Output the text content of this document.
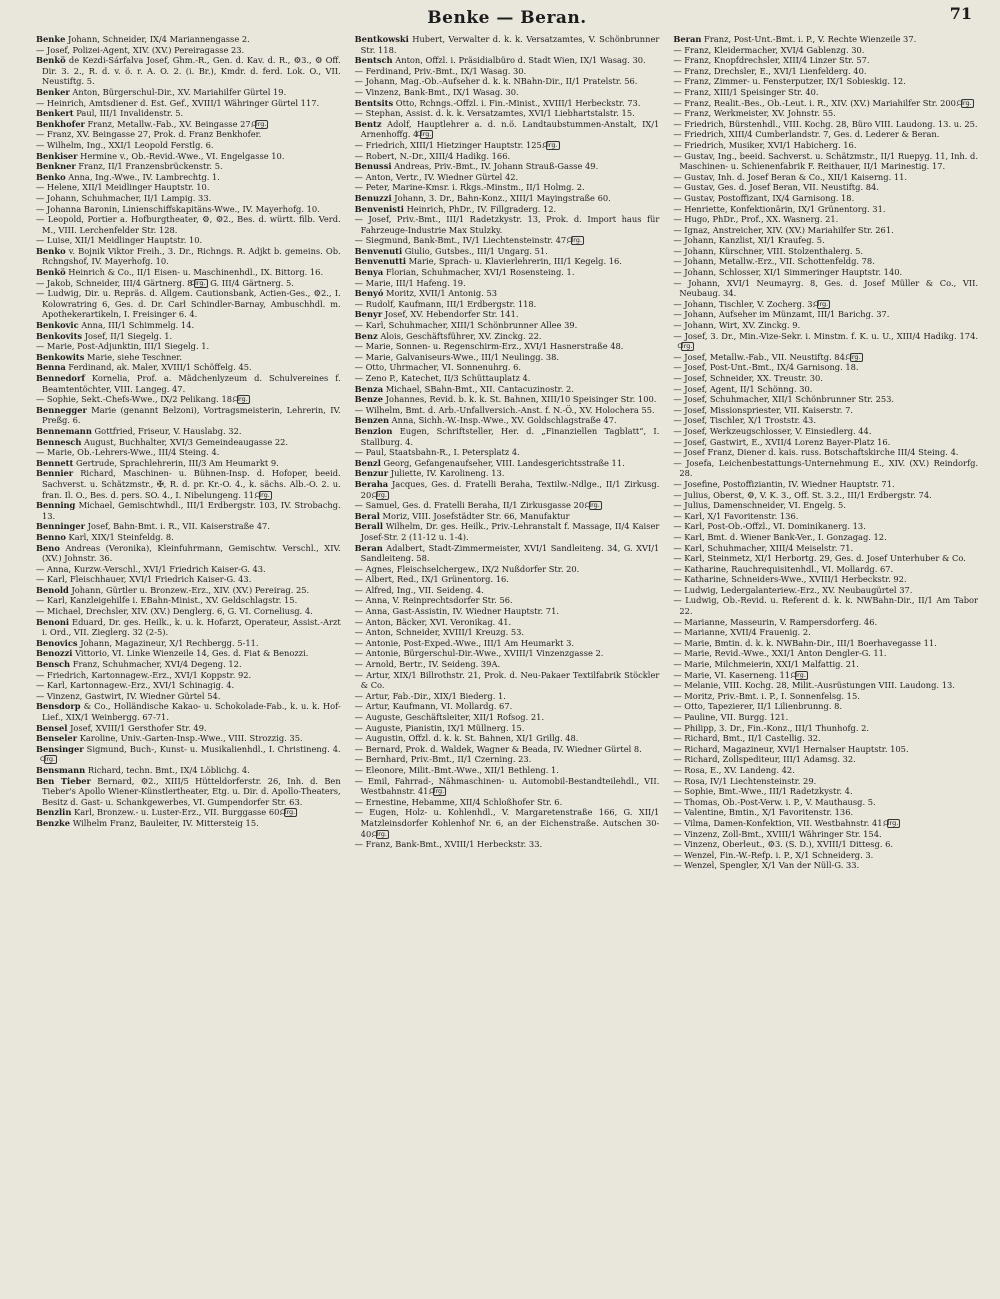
Benke — Beran.	71

Benke Johann, Schneider, IX/4 Mariannengasse 2.

— Josef, Polizei-Agent, XIV. (XV.) Pereiragasse 23.

Benkö de Kezdi-Sárfalva Josef, Ghm.-R., Gen. d. Kav. d. R., ⚙3., ⚙ Off. Dir. 3. 2., R. d. v. ö. r. A. O. 2. (i. Br.), Kmdr. d. ferd. Lok. O., VII. Neustiftg. 5.

Benker Anton, Bürgerschul-Dir., XV. Mariahilfer Gürtel 19.

— Heinrich, Amtsdiener d. Est. Gef., XVIII/1 Währinger Gürtel 117.

Benkert Paul, III/1 Invalidenstr. 5.

Benkhofer Franz, Metallw.-Fab., XV. Beingasse 27.Clrg.

— Franz, XV. Beingasse 27, Prok. d. Franz Benkhofer.

— Wilhelm, Ing., XXI/1 Leopold Ferstlg. 6.

Benkiser Hermine v., Ob.-Revid.-Wwe., VI. Engelgasse 10.

Benkner Franz, II/1 Franzensbrückenstr. 5.

Benko Anna, Ing.-Wwe., IV. Lambrechtg. 1.

— Helene, XII/1 Meidlinger Hauptstr. 10.

— Johann, Schuhmacher, II/1 Lampig. 33.

— Johanna Baronin, Linienschiffskapitäns-Wwe., IV. Mayerhofg. 10.

— Leopold, Portier a. Hofburgtheater, ⚙, ⚙2., Bes. d. württ. filb. Verd. M., VIII. Lerchenfelder Str. 128.

— Luise, XII/1 Meidlinger Hauptstr. 10.

Benko v. Bojnik Viktor Freih., 3. Dr., Richngs. R. Adjkt b. gemeins. Ob. Rchngshof, IV. Mayerhofg. 10.

Benkö Heinrich & Co., II/1 Eisen- u. Maschinenhdl., IX. Bittorg. 16.

— Jakob, Schneider, III/4 Gärtnerg. 8Clrg. G. III/4 Gärtnerg. 5.

— Ludwig, Dir. u. Repräs. d. Allgem. Cautionsbank, Actien-Ges., ⚙2., I. Kolowratring 6, Ges. d. Dr. Carl Schindler-Barnay, Ambuschhdl. m. Apothekerartikeln, I. Freisinger 6. 4.

Benkovic Anna, III/1 Schimmelg. 14.

Benkovits Josef, II/1 Siegelg. 1.

— Marie, Post-Adjunktin, III/1 Siegelg. 1.

Benkowits Marie, siehe Teschner.

Benna Ferdinand, ak. Maler, XVIII/1 Schöffelg. 45.

Bennedorf Kornelia, Prof. a. Mädchenlyzeum d. Schulvereines f. Beamtentöchter, VIII. Langeg. 47.

— Sophie, Sekt.-Chefs-Wwe., IX/2 Pelikang. 18.Clrg.

Bennegger Marie (genannt Belzoni), Vortragsmeisterin, Lehrerin, IV. Preßg. 6.

Bennemann Gottfried, Friseur, V. Hauslabg. 32.

Bennesch August, Buchhalter, XVI/3 Gemeindeaugasse 22.

— Marie, Ob.-Lehrers-Wwe., III/4 Steing. 4.

Bennett Gertrude, Sprachlehrerin, III/3 Am Heumarkt 9.

Bennier Richard, Maschinen- u. Bühnen-Insp. d. Hofoper, beeid. Sachverst. u. Schätzmstr., ✠, R. d. pr. Kr.-O. 4., k. sächs. Alb.-O. 2. u. fran. Il. O., Bes. d. pers. SO. 4., I. Nibelungeng. 11.Clrg.

Benning Michael, Gemischtwhdl., III/1 Erdbergstr. 103, IV. Strobachg. 13.

Benninger Josef, Bahn-Bmt. i. R., VII. Kaiserstraße 47.

Benno Karl, XIX/1 Steinfeldg. 8.

Beno Andreas (Veronika), Kleinfuhrmann, Gemischtw. Verschl., XIV. (XV.) Johnstr. 36.

— Anna, Kurzw.-Verschl., XVI/1 Friedrich Kaiser-G. 43.

— Karl, Fleischhauer, XVI/1 Friedrich Kaiser-G. 43.

Benold Johann, Gürtler u. Bronzew.-Erz., XIV. (XV.) Pereirag. 25.

— Karl, Kanzleigehilfe i. EBahn-Minist., XV. Geldschlagstr. 15.

— Michael, Drechsler, XIV. (XV.) Denglerg. 6, G. VI. Corneliusg. 4.

Benoni Eduard, Dr. ges. Heilk., k. u. k. Hofarzt, Operateur, Assist.-Arzt i. Ord., VII. Zieglerg. 32 (2-5).

Benovics Johann, Magazineur, X/1 Rechbergg. 5-11.

Benozzi Vittorio, VI. Linke Wienzeile 14, Ges. d. Fiat & Benozzi.

Bensch Franz, Schuhmacher, XVI/4 Degeng. 12.

— Friedrich, Kartonnagew.-Erz., XVI/1 Koppstr. 92.

— Karl, Kartonnagew.-Erz., XVI/1 Schinagig. 4.

— Vinzenz, Gastwirt, IV. Wiedner Gürtel 54.

Bensdorp & Co., Holländische Kakao- u. Schokolade-Fab., k. u. k. Hof-Lief., XIX/1 Weinbergg. 67-71.

Bensel Josef, XVIII/1 Gersthofer Str. 49.

Benseler Karoline, Univ.-Garten-Insp.-Wwe., VIII. Strozzig. 35.

Bensinger Sigmund, Buch-, Kunst- u. Musikalienhdl., I. Christineng. 4.Clrg.

Bensmann Richard, techn. Bmt., IX/4 Löblichg. 4.

Ben Tieber Bernard, ⚙2., XIII/5 Hütteldorferstr. 26, Inh. d. Ben Tieber's Apollo Wiener-Künstlertheater, Etg. u. Dir. d. Apollo-Theaters, Besitz d. Gast- u. Schankgewerbes, VI. Gumpendorfer Str. 63.

Benzlin Karl, Bronzew.- u. Luster-Erz., VII. Burggasse 60.Clrg.

Benzke Wilhelm Franz, Bauleiter, IV. Mittersteig 15.

Bentkowski Hubert, Verwalter d. k. k. Versatzamtes, V. Schönbrunner Str. 118.

Bentsch Anton, Offzl. i. Präsidialbüro d. Stadt Wien, IX/1 Wasag. 30.

— Ferdinand, Priv.-Bmt., IX/1 Wasag. 30.

— Johann, Mag.-Ob.-Aufseher d. k. k. NBahn-Dir., II/1 Pratelstr. 56.

— Vinzenz, Bank-Bmt., IX/1 Wasag. 30.

Bentsits Otto, Rchngs.-Offzl. i. Fin.-Minist., XVIII/1 Herbeckstr. 73.

— Stephan, Assist. d. k. k. Versatzamtes, XVI/1 Liebhartstalstr. 15.

Bentz Adolf, Hauptlehrer a. d. n.ö. Landtaubstummen-Anstalt, IX/1 Arnenhoffg. 4Clrg.

— Friedrich, XIII/1 Hietzinger Hauptstr. 125.Clrg.

— Robert, N.-Dr., XIII/4 Hadikg. 166.

Benussi Andreas, Priv.-Bmt., IV. Johann Strauß-Gasse 49.

— Anton, Vertr., IV. Wiedner Gürtel 42.

— Peter, Marine-Kmsr. i. Rkgs.-Minstm., II/1 Holmg. 2.

Benuzzi Johann, 3. Dr., Bahn-Konz., XIII/1 Mayingstraße 60.

Benvenisti Heinrich, PhDr., IV. Fillgraderg. 12.

— Josef, Priv.-Bmt., III/1 Radetzkystr. 13, Prok. d. Import haus für Fahrzeuge-Industrie Max Stulzky.

— Siegmund, Bank-Bmt., IV/1 Liechtensteinstr. 47.Clrg.

Benvenuti Giulio, Gutsbes., III/1 Ungarg. 51.

Benvenutti Marie, Sprach- u. Klavierlehrerin, III/1 Kegelg. 16.

Benya Florian, Schuhmacher, XVI/1 Rosensteing. 1.

— Marie, III/1 Hafeng. 19.

Benyó Moritz, XVII/1 Antonig. 53

— Rudolf, Kaufmann, III/1 Erdbergstr. 118.

Benyr Josef, XV. Hebendorfer Str. 141.

— Karl, Schuhmacher, XIII/1 Schönbrunner Allee 39.

Benz Alois, Geschäftsführer, XV. Zinckg. 22.

— Marie, Sonnen- u. Regenschirm-Erz., XVI/1 Hasnerstraße 48.

— Marie, Galvaniseurs-Wwe., III/1 Neulingg. 38.

— Otto, Uhrmacher, VI. Sonnenuhrg. 6.

— Zeno P., Katechet, II/3 Schüttauplatz 4.

Benza Michael, SBahn-Bmt., XII. Cantacuzinostr. 2.

Benze Johannes, Revid. b. k. k. St. Bahnen, XIII/10 Speisinger Str. 100.

— Wilhelm, Bmt. d. Arb.-Unfallversich.-Anst. f. N.-Ö., XV. Holochera 55.

Benzen Anna, Sichh.-W.-Insp.-Wwe., XV. Goldschlagstraße 47.

Benzion Eugen, Schriftsteller, Her. d. „Finanziellen Tagblatt“, I. Stallburg. 4.

— Paul, Staatsbahn-R., I. Petersplatz 4.

Benzl Georg, Gefangenaufseher, VIII. Landesgerichtsstraße 11.

Benzur Juliette, IV. Karolineng. 13.

Beraha Jacques, Ges. d. Fratelli Beraha, Textilw.-Ndlge., II/1 Zirkusg. 20.Clrg.

— Samuel, Ges. d. Fratelli Beraha, II/1 Zirkusgasse 20.Clrg.

Beral Moriz, VIII. Josefstädter Str. 66, Manufaktur

Berall Wilhelm, Dr. ges. Heilk., Priv.-Lehranstalt f. Massage, II/4 Kaiser Josef-Str. 2 (11-12 u. 1-4).

Beran Adalbert, Stadt-Zimmermeister, XVI/1 Sandleiteng. 34, G. XVI/1 Sandleiteng. 58.

— Agnes, Fleischselchergew., IX/2 Nußdorfer Str. 20.

— Albert, Red., IX/1 Grünentorg. 16.

— Alfred, Ing., VII. Seideng. 4.

— Anna, V. Reinprechtsdorfer Str. 56.

— Anna, Gast-Assistin, IV. Wiedner Hauptstr. 71.

— Anton, Bäcker, XVI. Veronikag. 41.

— Anton, Schneider, XVIII/1 Kreuzg. 53.

— Antonie, Post-Exped.-Wwe., III/1 Am Heumarkt 3.

— Antonie, Bürgerschul-Dir.-Wwe., XVIII/1 Vinzenzgasse 2.

— Arnold, Bertr., IV. Seideng. 39A.

— Artur, XIX/1 Billrothstr. 21, Prok. d. Neu-Pakaer Textilfabrik Stöckler & Co.

— Artur, Fab.-Dir., XIX/1 Biederg. 1.

— Artur, Kaufmann, VI. Mollardg. 67.

— Auguste, Geschäftsleiter, XII/1 Rofsog. 21.

— Auguste, Pianistin, IX/1 Müllnerg. 15.

— Augustin, Offzl. d. k. k. St. Bahnen, XI/1 Grillg. 48.

— Bernard, Prok. d. Waldek, Wagner & Beada, IV. Wiedner Gürtel 8.

— Bernhard, Priv.-Bmt., II/1 Czerning. 23.

— Eleonore, Milit.-Bmt.-Wwe., XII/1 Bethleng. 1.

— Emil, Fahrrad-, Nähmaschinen- u. Automobil-Bestandteilehdl., VII. Westbahnstr. 41.Clrg.

— Ernestine, Hebamme, XII/4 Schloßhofer Str. 6.

— Eugen, Holz- u. Kohlenhdl., V. Margaretenstraße 166, G. XII/1 Matzleinsdorfer Kohlenhof Nr. 6, an der Eichenstraße. Autschen 30-40.Clrg.

— Franz, Bank-Bmt., XVIII/1 Herbeckstr. 33.

Beran Franz, Post-Unt.-Bmt. i. P., V. Rechte Wienzeile 37.

— Franz, Kleidermacher, XVI/4 Gablenzg. 30.

— Franz, Knopfdrechsler, XIII/4 Linzer Str. 57.

— Franz, Drechsler, E., XVI/1 Lienfelderg. 40.

— Franz, Zimmer- u. Fensterputzer, IX/1 Sobieskig. 12.

— Franz, XIII/1 Speisinger Str. 40.

— Franz, Realit.-Bes., Ob.-Leut. i. R., XIV. (XV.) Mariahilfer Str. 200.Clrg.

— Franz, Werkmeister, XV. Johnstr. 55.

— Friedrich, Bürstenhdl., VIII. Kochg. 28, Büro VIII. Laudong. 13. u. 25.

— Friedrich, XIII/4 Cumberlandstr. 7, Ges. d. Lederer & Beran.

— Friedrich, Musiker, XVI/1 Habicherg. 16.

— Gustav, Ing., beeid. Sachverst. u. Schätzmstr., II/1 Ruepyg. 11, Inh. d. Maschinen- u. Schienenfabrik F. Reithauer, II/1 Marinestig. 17.

— Gustav, Inh. d. Josef Beran & Co., XII/1 Kaiserng. 11.

— Gustav, Ges. d. Josef Beran, VII. Neustiftg. 84.

— Gustav, Postoffizant, IX/4 Garnisong. 18.

— Henriette, Konfektionärin, IX/1 Grünentorg. 31.

— Hugo, PhDr., Prof., XX. Wasnerg. 21.

— Ignaz, Anstreicher, XIV. (XV.) Mariahilfer Str. 261.

— Johann, Kanzlist, XI/1 Kraufeg. 5.

— Johann, Kürschner, VIII. Stolzenthalerg. 5.

— Johann, Metallw.-Erz., VII. Schottenfeldg. 78.

— Johann, Schlosser, XI/1 Simmeringer Hauptstr. 140.

— Johann, XVI/1 Neumayrg. 8, Ges. d. Josef Müller & Co., VII. Neubaug. 34.

— Johann, Tischler, V. Zocherg. 3.Clrg.

— Johann, Aufseher im Münzamt, III/1 Barichg. 37.

— Johann, Wirt, XV. Zinckg. 9.

— Josef, 3. Dr., Min.-Vize-Sekr. i. Minstm. f. K. u. U., XIII/4 Hadikg. 174.Clrg.

— Josef, Metallw.-Fab., VII. Neustiftg. 84.Clrg.

— Josef, Post-Unt.-Bmt., IX/4 Garnisong. 18.

— Josef, Schneider, XX. Treustr. 30.

— Josef, Agent, II/1 Schönng. 30.

— Josef, Schuhmacher, XII/1 Schönbrunner Str. 253.

— Josef, Missionspriester, VII. Kaiserstr. 7.

— Josef, Tischler, X/1 Troststr. 43.

— Josef, Werkzeugschlosser, V. Einsiedlerg. 44.

— Josef, Gastwirt, E., XVII/4 Lorenz Bayer-Platz 16.

— Josef Franz, Diener d. kais. russ. Botschaftskirche III/4 Steing. 4.

— Josefa, Leichenbestattungs-Unternehmung E., XIV. (XV.) Reindorfg. 28.

— Josefine, Postoffiziantin, IV. Wiedner Hauptstr. 71.

— Julius, Oberst, ⚙, V. K. 3., Off. St. 3.2., III/1 Erdbergstr. 74.

— Julius, Damenschneider, VI. Engelg. 5.

— Karl, X/1 Favoritenstr. 136.

— Karl, Post-Ob.-Offzl., VI. Dominikanerg. 13.

— Karl, Bmt. d. Wiener Bank-Ver., I. Gonzagag. 12.

— Karl, Schuhmacher, XIII/4 Meiselstr. 71.

— Karl, Steinmetz, XI/1 Herbortg. 29, Ges. d. Josef Unterhuber & Co.

— Katharine, Rauchrequisitenhdl., VI. Mollardg. 67.

— Katharine, Schneiders-Wwe., XVIII/1 Herbeckstr. 92.

— Ludwig, Ledergalanteriew.-Erz., XV. Neubaugürtel 37.

— Ludwig, Ob.-Revid. u. Referent d. k. k. NWBahn-Dir., II/1 Am Tabor 22.

— Marianne, Masseurin, V. Rampersdorferg. 46.

— Marianne, XVII/4 Frauenig. 2.

— Marie, Bmtin. d. k. k. NWBahn-Dir., III/1 Boerhavegasse 11.

— Marie, Revid.-Wwe., XXI/1 Anton Dengler-G. 11.

— Marie, Milchmeierin, XXI/1 Malfattig. 21.

— Marie, VI. Kaserneng. 11.Clrg.

— Melanie, VIII. Kochg. 28, Milit.-Ausrüstungen VIII. Laudong. 13.

— Moritz, Priv.-Bmt. i. P., I. Sonnenfelsg. 15.

— Otto, Tapezierer, II/1 Lilienbrunng. 8.

— Pauline, VII. Burgg. 121.

— Philipp, 3. Dr., Fin.-Konz., III/1 Thunhofg. 2.

— Richard, Bmt., II/1 Castellig. 32.

— Richard, Magazineur, XVI/1 Hernalser Hauptstr. 105.

— Richard, Zollspediteur, III/1 Adamsg. 32.

— Rosa, E., XV. Landeng. 42.

— Rosa, IV/1 Liechtensteinstr. 29.

— Sophie, Bmt.-Wwe., III/1 Radetzkystr. 4.

— Thomas, Ob.-Post-Verw. i. P., V. Mauthausg. 5.

— Valentine, Bmtin., X/1 Favoritenstr. 136.

— Vilma, Damen-Konfektion, VII. Westbahnstr. 41.Clrg.

— Vinzenz, Zoll-Bmt., XVIII/1 Währinger Str. 154.

— Vinzenz, Oberleut., ⚙3. (S. D.), XVIII/1 Dittesg. 6.

— Wenzel, Fin.-W.-Refp. i. P., X/1 Schneiderg. 3.

— Wenzel, Spengler, X/1 Van der Nüll-G. 33.
